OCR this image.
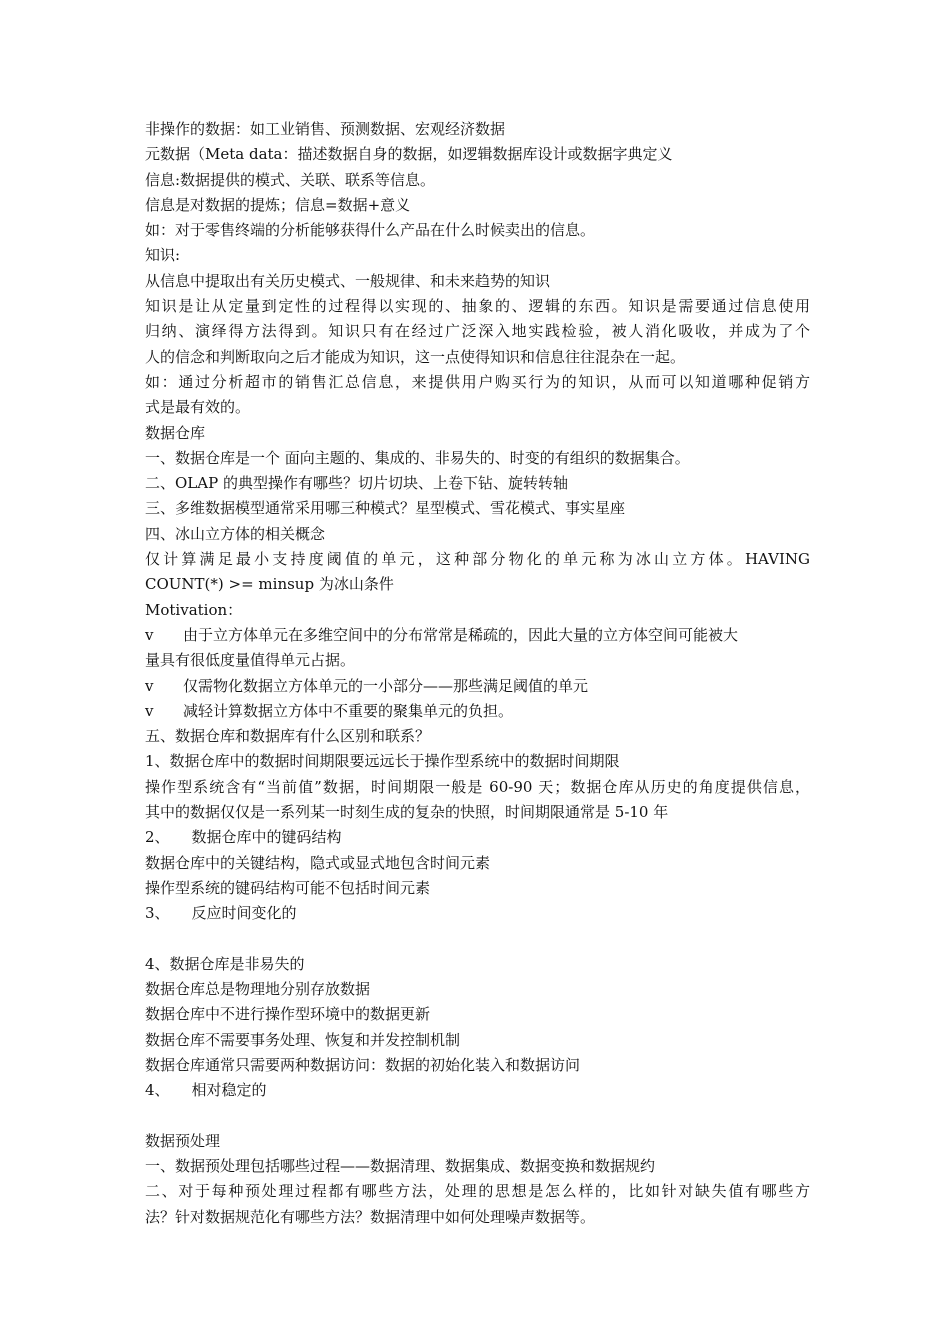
非操作的数据：如工业销售、预测数据、宏观经济数据
元数据（Meta data：描述数据自身的数据，如逻辑数据库设计或数据字典定义
信息:数据提供的模式、关联、联系等信息。
信息是对数据的提炼；信息=数据+意义
如：对于零售终端的分析能够获得什么产品在什么时候卖出的信息。
知识:
从信息中提取出有关历史模式、一般规律、和未来趋势的知识
知识是让从定量到定性的过程得以实现的、抽象的、逻辑的东西。知识是需要通过信息使用
归纳、演绎得方法得到。知识只有在经过广泛深入地实践检验，被人消化吸收，并成为了个
人的信念和判断取向之后才能成为知识，这一点使得知识和信息往往混杂在一起。
如：通过分析超市的销售汇总信息，来提供用户购买行为的知识，从而可以知道哪种促销方
式是最有效的。
数据仓库
一、数据仓库是一个 面向主题的、集成的、非易失的、时变的有组织的数据集合。
二、OLAP 的典型操作有哪些？切片切块、上卷下钻、旋转转轴
三、多维数据模型通常采用哪三种模式？星型模式、雪花模式、事实星座
四、冰山立方体的相关概念
仅计算满足最小支持度阈值的单元，这种部分物化的单元称为冰山立方体。HAVING
COUNT(*) >= minsup 为冰山条件
Motivation：
v 由于立方体单元在多维空间中的分布常常是稀疏的，因此大量的立方体空间可能被大
量具有很低度量值得单元占据。
v 仅需物化数据立方体单元的一小部分——那些满足阈值的单元
v 减轻计算数据立方体中不重要的聚集单元的负担。
五、数据仓库和数据库有什么区别和联系？
1、数据仓库中的数据时间期限要远远长于操作型系统中的数据时间期限
操作型系统含有“当前值”数据，时间期限一般是 60-90 天；数据仓库从历史的角度提供信息，
其中的数据仅仅是一系列某一时刻生成的复杂的快照，时间期限通常是 5-10 年
2、 数据仓库中的键码结构
数据仓库中的关键结构，隐式或显式地包含时间元素
操作型系统的键码结构可能不包括时间元素
3、 反应时间变化的
4、数据仓库是非易失的
数据仓库总是物理地分别存放数据
数据仓库中不进行操作型环境中的数据更新
数据仓库不需要事务处理、恢复和并发控制机制
数据仓库通常只需要两种数据访问：数据的初始化装入和数据访问
4、 相对稳定的
数据预处理
一、数据预处理包括哪些过程——数据清理、数据集成、数据变换和数据规约
二、对于每种预处理过程都有哪些方法，处理的思想是怎么样的，比如针对缺失值有哪些方
法？针对数据规范化有哪些方法？数据清理中如何处理噪声数据等。
